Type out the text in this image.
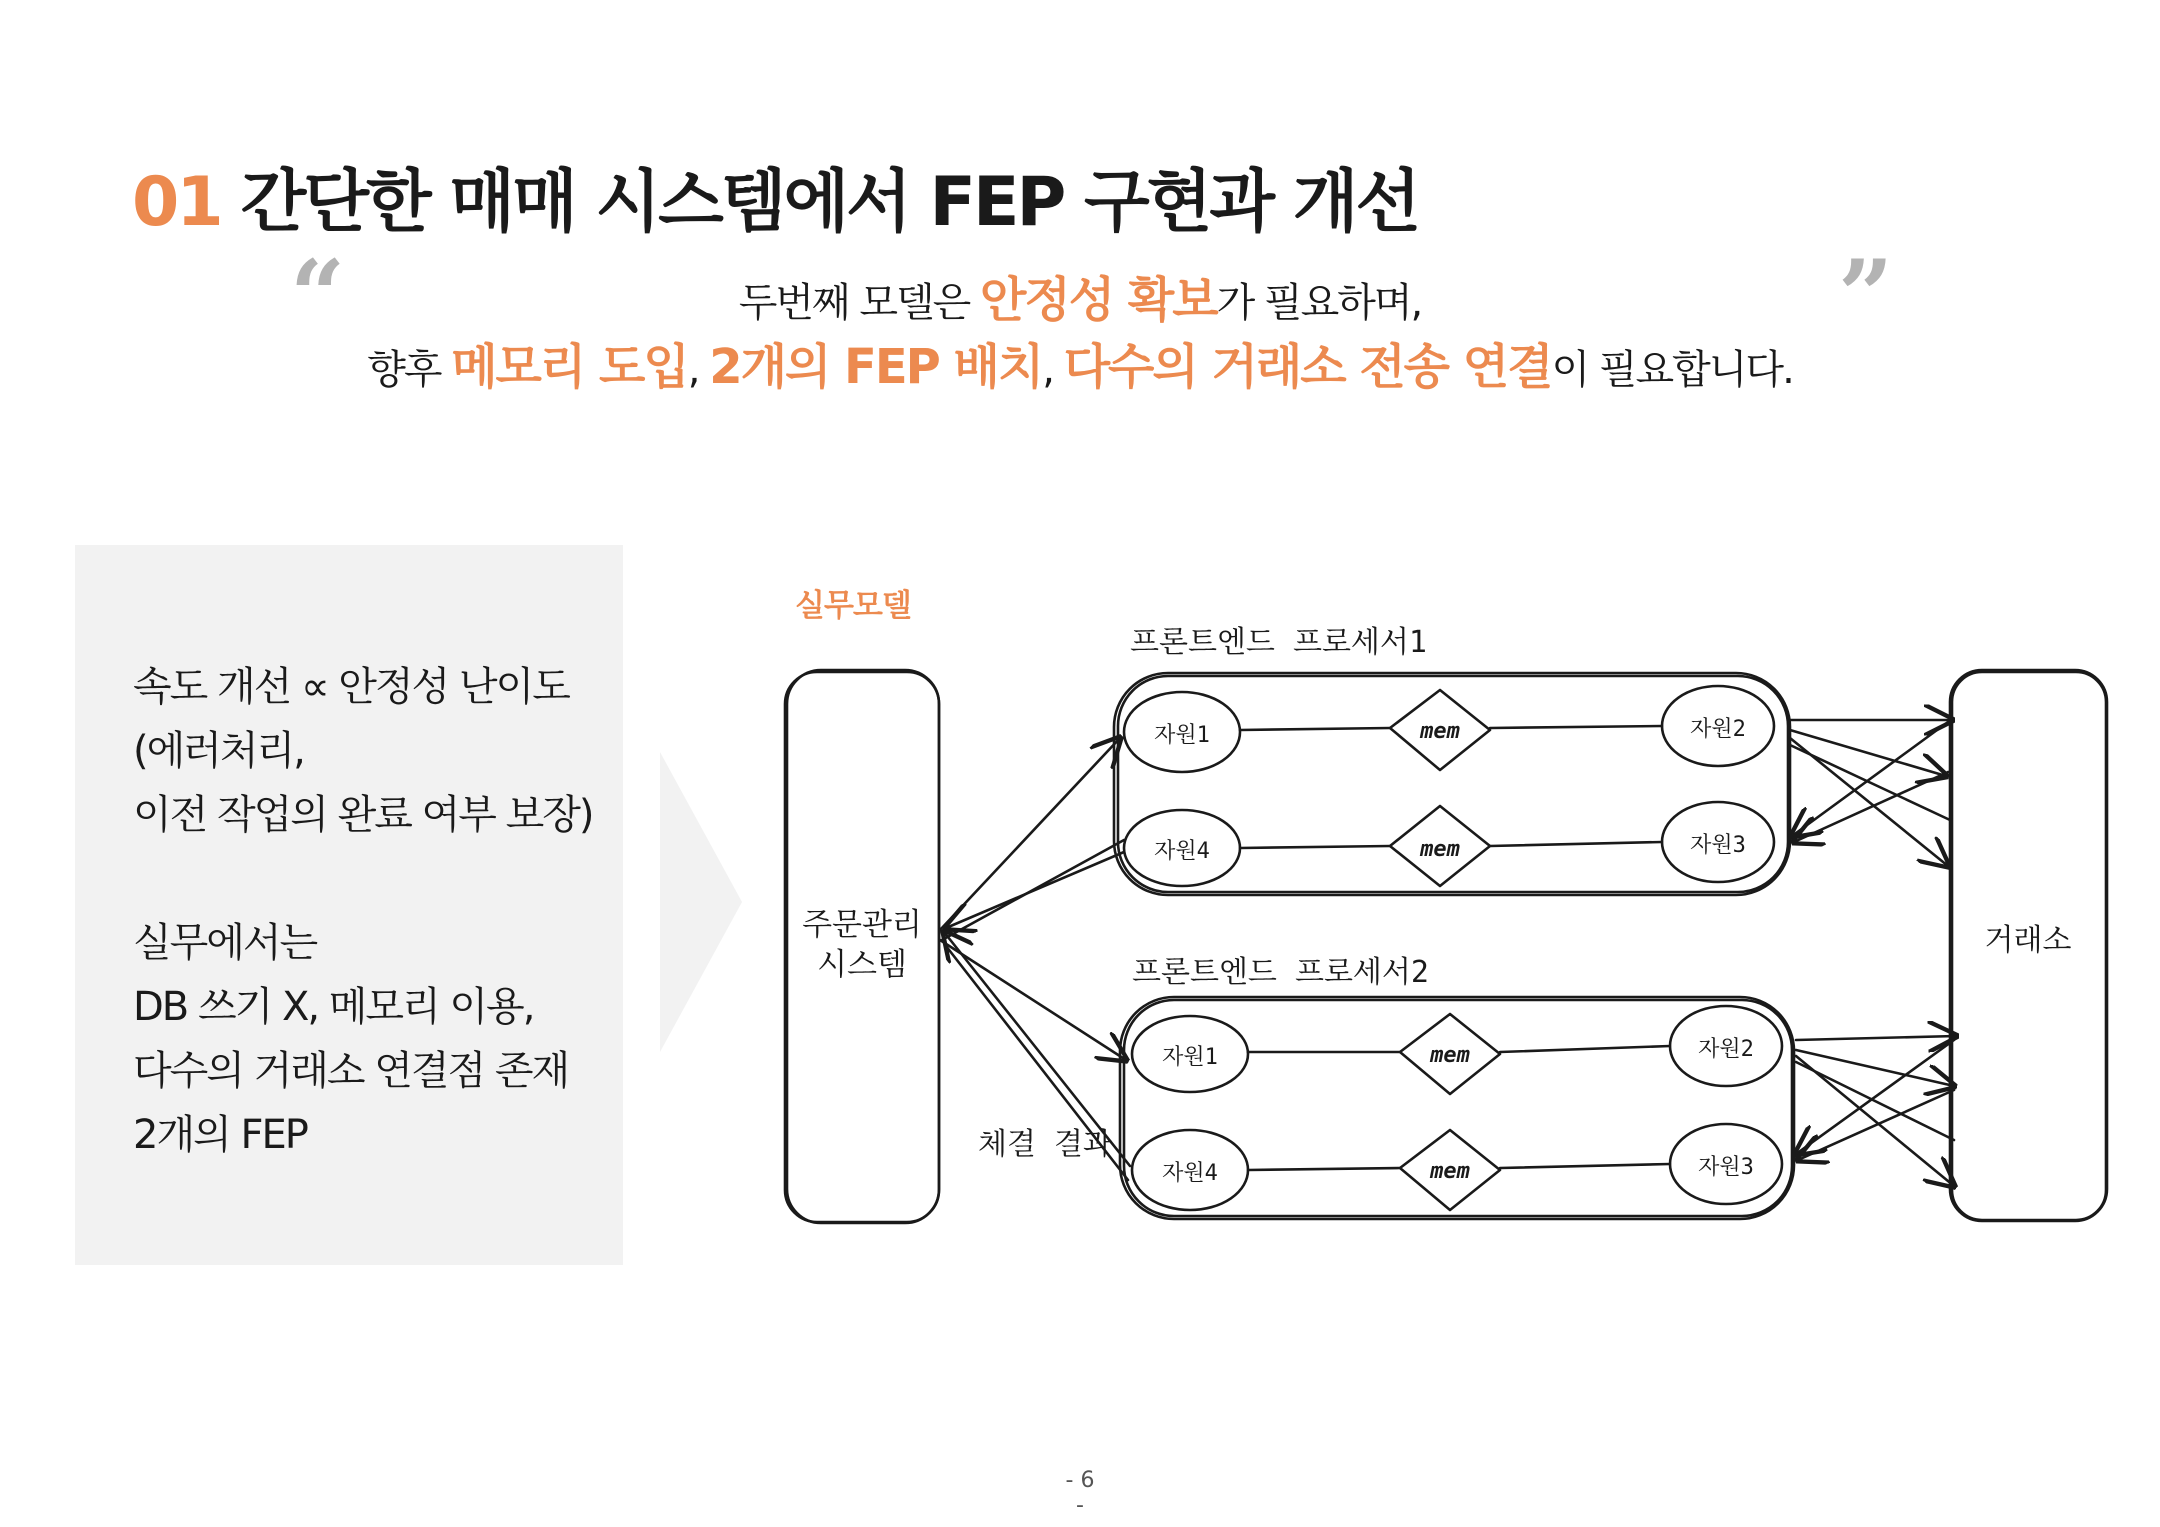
01 간단한 매매 시스템에서 FEP 구현과 개선
“	”
두번째 모델은 안정성 확보가 필요하며,
향후 메모리 도입, 2개의 FEP 배치, 다수의 거래소 전송 연결이 필요합니다.
속도 개선 ∝ 안정성 난이도
(에러처리,
이전 작업의 완료 여부 보장)
실무에서는
DB 쓰기 X, 메모리 이용,
다수의 거래소 연결점 존재
2개의 FEP
실무모델
주문관리
시스템
거래소
프론트엔드 프로세서1
자원1	자원2
자원4	자원3
mem
mem
프론트엔드 프로세서2
자원1	자원2
자원4	자원3
mem
mem
체결 결과
- 6 -
